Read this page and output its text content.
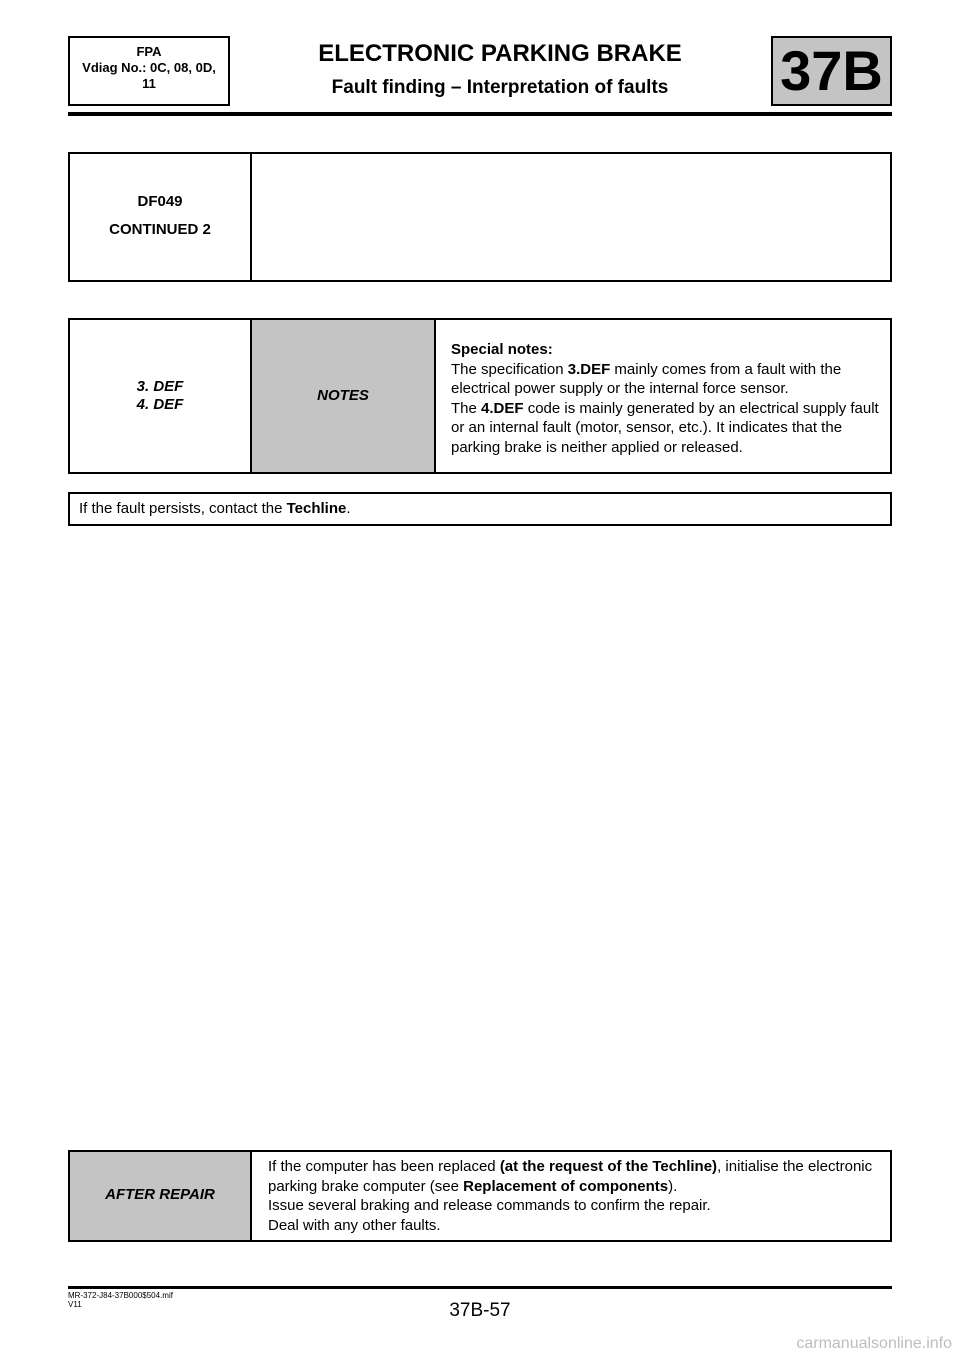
FPA
Vdiag No.: 0C, 08, 0D,
11
ELECTRONIC PARKING BRAKE
Fault finding – Interpretation of faults	37B
DF049
CONTINUED 2
3. DEF
4. DEF
NOTES
Special notes:
The specification 3.DEF mainly comes from a fault with the electrical power supply or the internal force sensor.
The 4.DEF code is mainly generated by an electrical supply fault or an internal fault (motor, sensor, etc.). It indicates that the parking brake is neither applied or released.
If the fault persists, contact the Techline.
AFTER REPAIR
If the computer has been replaced (at the request of the Techline), initialise the electronic parking brake computer (see Replacement of components).
Issue several braking and release commands to confirm the repair.
Deal with any other faults.
MR-372-J84-37B000$504.mif
V11	37B-57
carmanualsonline.info
